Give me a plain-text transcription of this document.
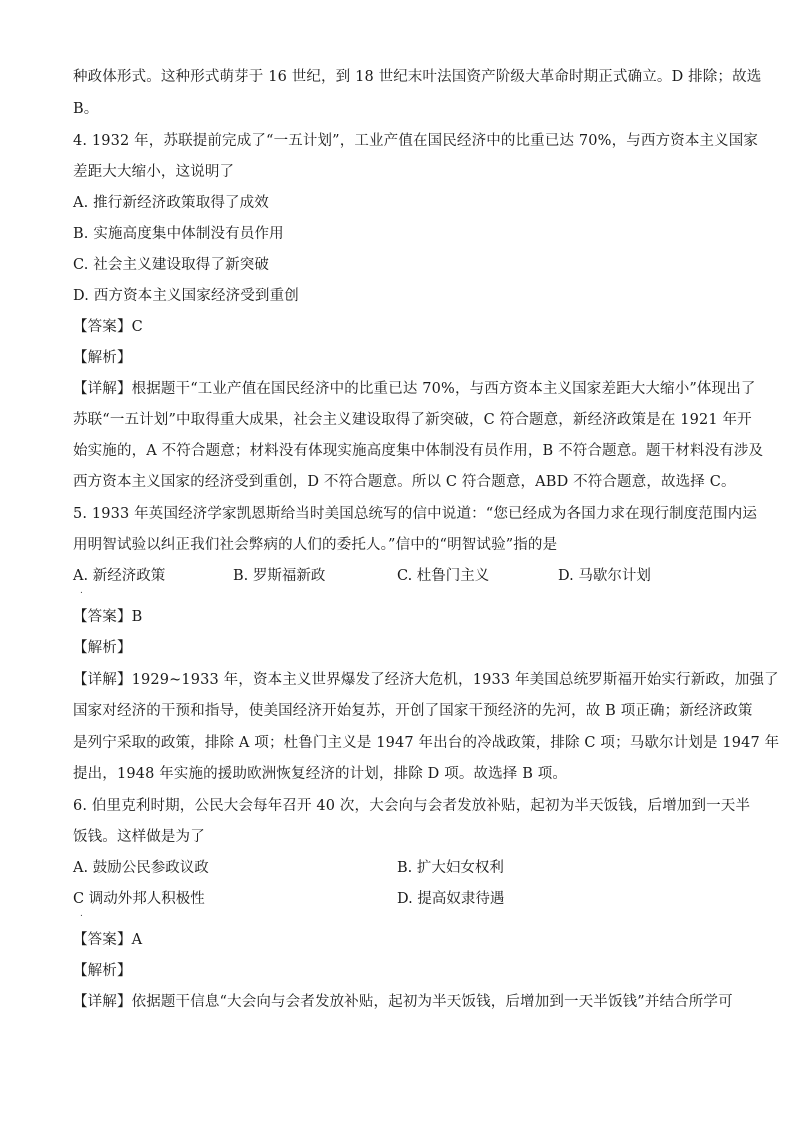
种政体形式。这种形式萌芽于 16 世纪，到 18 世纪末叶法国资产阶级大革命时期正式确立。D 排除；故选
B。
4. 1932 年，苏联提前完成了“一五计划”，工业产值在国民经济中的比重已达 70%，与西方资本主义国家
差距大大缩小，这说明了
A. 推行新经济政策取得了成效
B. 实施高度集中体制没有员作用
C. 社会主义建设取得了新突破
D. 西方资本主义国家经济受到重创
【答案】C
【解析】
【详解】根据题干“工业产值在国民经济中的比重已达 70%，与西方资本主义国家差距大大缩小”体现出了
苏联“一五计划”中取得重大成果，社会主义建设取得了新突破，C 符合题意，新经济政策是在 1921 年开
始实施的，A 不符合题意；材料没有体现实施高度集中体制没有员作用，B 不符合题意。题干材料没有涉及
西方资本主义国家的经济受到重创，D 不符合题意。所以 C 符合题意，ABD 不符合题意，故选择 C。
5. 1933 年英国经济学家凯恩斯给当时美国总统写的信中说道：“您已经成为各国力求在现行制度范围内运
用明智试验以纠正我们社会弊病的人们的委托人。”信中的“明智试验”指的是
A. 新经济政策	B. 罗斯福新政	C. 杜鲁门主义	D. 马歇尔计划
.
【答案】B
【解析】
【详解】1929~1933 年，资本主义世界爆发了经济大危机，1933 年美国总统罗斯福开始实行新政，加强了
国家对经济的干预和指导，使美国经济开始复苏，开创了国家干预经济的先河，故 B 项正确；新经济政策
是列宁采取的政策，排除 A 项；杜鲁门主义是 1947 年出台的冷战政策，排除 C 项；马歇尔计划是 1947 年
提出，1948 年实施的援助欧洲恢复经济的计划，排除 D 项。故选择 B 项。
6. 伯里克利时期，公民大会每年召开 40 次，大会向与会者发放补贴，起初为半天饭钱，后增加到一天半
饭钱。这样做是为了
A. 鼓励公民参政议政	B. 扩大妇女权利
C 调动外邦人积极性	D. 提高奴隶待遇
.
【答案】A
【解析】
【详解】依据题干信息“大会向与会者发放补贴，起初为半天饭钱，后增加到一天半饭钱”并结合所学可
